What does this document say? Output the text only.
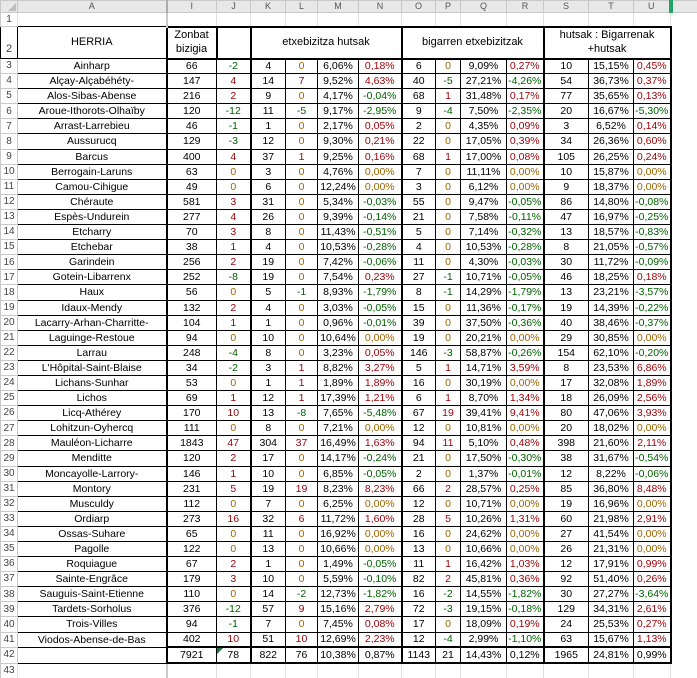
	A	I	J	K	L	M	N	O	P	Q	R	S	T	U	
1															
2	HERRIA	Zonbat bizigia		etxebizitza hutsak				bigarren etxebizitzak				hutsak : Bigarrenak +hutsak			
3	Ainharp	66	-2	4	0	6,06%	0,18%	6	0	9,09%	0,27%	10	15,15%	0,45%	
4	Alçay-Alçabéhéty-	147	4	14	7	9,52%	4,63%	40	-5	27,21%	-4,26%	54	36,73%	0,37%	
5	Alos-Sibas-Abense	216	2	9	0	4,17%	-0,04%	68	1	31,48%	0,17%	77	35,65%	0,13%	
6	Aroue-Ithorots-Olhaïby	120	-12	11	-5	9,17%	-2,95%	9	-4	7,50%	-2,35%	20	16,67%	-5,30%	
7	Arrast-Larrebieu	46	-1	1	0	2,17%	0,05%	2	0	4,35%	0,09%	3	6,52%	0,14%	
8	Aussurucq	129	-3	12	0	9,30%	0,21%	22	0	17,05%	0,39%	34	26,36%	0,60%	
9	Barcus	400	4	37	1	9,25%	0,16%	68	1	17,00%	0,08%	105	26,25%	0,24%	
10	Berrogain-Laruns	63	0	3	0	4,76%	0,00%	7	0	11,11%	0,00%	10	15,87%	0,00%	
11	Camou-Cihigue	49	0	6	0	12,24%	0,00%	3	0	6,12%	0,00%	9	18,37%	0,00%	
12	Chéraute	581	3	31	0	5,34%	-0,03%	55	0	9,47%	-0,05%	86	14,80%	-0,08%	
13	Espès-Undurein	277	4	26	0	9,39%	-0,14%	21	0	7,58%	-0,11%	47	16,97%	-0,25%	
14	Etcharry	70	3	8	0	11,43%	-0,51%	5	0	7,14%	-0,32%	13	18,57%	-0,83%	
15	Etchebar	38	1	4	0	10,53%	-0,28%	4	0	10,53%	-0,28%	8	21,05%	-0,57%	
16	Garindein	256	2	19	0	7,42%	-0,06%	11	0	4,30%	-0,03%	30	11,72%	-0,09%	
17	Gotein-Libarrenx	252	-8	19	0	7,54%	0,23%	27	-1	10,71%	-0,05%	46	18,25%	0,18%	
18	Haux	56	0	5	-1	8,93%	-1,79%	8	-1	14,29%	-1,79%	13	23,21%	-3,57%	
19	Idaux-Mendy	132	2	4	0	3,03%	-0,05%	15	0	11,36%	-0,17%	19	14,39%	-0,22%	
20	Lacarry-Arhan-Charritte-	104	1	1	0	0,96%	-0,01%	39	0	37,50%	-0,36%	40	38,46%	-0,37%	
21	Laguinge-Restoue	94	0	10	0	10,64%	0,00%	19	0	20,21%	0,00%	29	30,85%	0,00%	
22	Larrau	248	-4	8	0	3,23%	0,05%	146	-3	58,87%	-0,26%	154	62,10%	-0,20%	
23	L'Hôpital-Saint-Blaise	34	-2	3	1	8,82%	3,27%	5	1	14,71%	3,59%	8	23,53%	6,86%	
24	Lichans-Sunhar	53	0	1	1	1,89%	1,89%	16	0	30,19%	0,00%	17	32,08%	1,89%	
25	Lichos	69	1	12	1	17,39%	1,21%	6	1	8,70%	1,34%	18	26,09%	2,56%	
26	Licq-Athérey	170	10	13	-8	7,65%	-5,48%	67	19	39,41%	9,41%	80	47,06%	3,93%	
27	Lohitzun-Oyhercq	111	0	8	0	7,21%	0,00%	12	0	10,81%	0,00%	20	18,02%	0,00%	
28	Mauléon-Licharre	1843	47	304	37	16,49%	1,63%	94	11	5,10%	0,48%	398	21,60%	2,11%	
29	Menditte	120	2	17	0	14,17%	-0,24%	21	0	17,50%	-0,30%	38	31,67%	-0,54%	
30	Moncayolle-Larrory-	146	1	10	0	6,85%	-0,05%	2	0	1,37%	-0,01%	12	8,22%	-0,06%	
31	Montory	231	5	19	19	8,23%	8,23%	66	2	28,57%	0,25%	85	36,80%	8,48%	
32	Musculdy	112	0	7	0	6,25%	0,00%	12	0	10,71%	0,00%	19	16,96%	0,00%	
33	Ordiarp	273	16	32	6	11,72%	1,60%	28	5	10,26%	1,31%	60	21,98%	2,91%	
34	Ossas-Suhare	65	0	11	0	16,92%	0,00%	16	0	24,62%	0,00%	27	41,54%	0,00%	
35	Pagolle	122	0	13	0	10,66%	0,00%	13	0	10,66%	0,00%	26	21,31%	0,00%	
36	Roquiague	67	2	1	0	1,49%	-0,05%	11	1	16,42%	1,03%	12	17,91%	0,99%	
37	Sainte-Engrâce	179	3	10	0	5,59%	-0,10%	82	2	45,81%	0,36%	92	51,40%	0,26%	
38	Sauguis-Saint-Etienne	110	0	14	-2	12,73%	-1,82%	16	-2	14,55%	-1,82%	30	27,27%	-3,64%	
39	Tardets-Sorholus	376	-12	57	9	15,16%	2,79%	72	-3	19,15%	-0,18%	129	34,31%	2,61%	
40	Trois-Villes	94	-1	7	0	7,45%	0,08%	17	0	18,09%	0,19%	24	25,53%	0,27%	
41	Viodos-Abense-de-Bas	402	10	51	10	12,69%	2,23%	12	-4	2,99%	-1,10%	63	15,67%	1,13%	
42		7921	78	822	76	10,38%	0,87%	1143	21	14,43%	0,12%	1965	24,81%	0,99%	
43															
